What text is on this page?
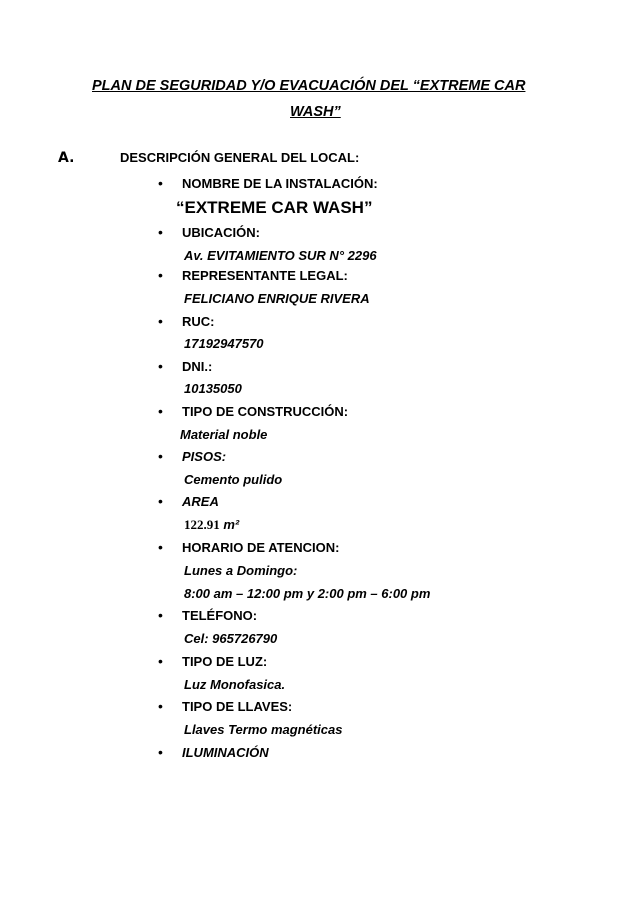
PLAN DE SEGURIDAD Y/O EVACUACIÓN DEL “EXTREME CAR
WASH”
A.	DESCRIPCIÓN GENERAL DEL LOCAL:
• NOMBRE DE LA INSTALACIÓN:
“EXTREME CAR WASH”
• UBICACIÓN:
Av. EVITAMIENTO SUR N° 2296
• REPRESENTANTE LEGAL:
FELICIANO ENRIQUE RIVERA
• RUC:
17192947570
• DNI.:
10135050
• TIPO DE CONSTRUCCIÓN:
Material noble
• PISOS:
Cemento pulido
• AREA
122.91 m²
• HORARIO DE ATENCION:
Lunes a Domingo:
8:00 am – 12:00 pm y 2:00 pm – 6:00 pm
• TELÉFONO:
Cel: 965726790
• TIPO DE LUZ:
Luz Monofasica.
• TIPO DE LLAVES:
Llaves Termo magnéticas
• ILUMINACIÓN
